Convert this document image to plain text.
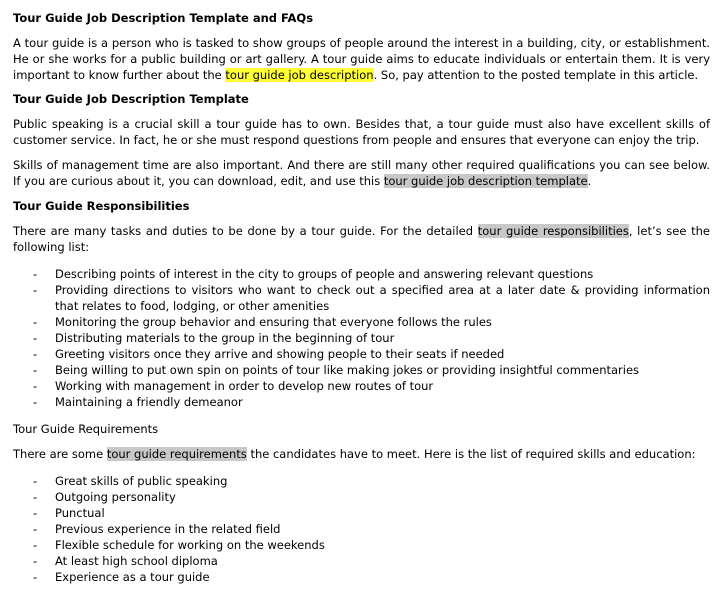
Tour Guide Job Description Template and FAQs

A tour guide is a person who is tasked to show groups of people around the interest in a building, city, or establishment. He or she works for a public building or art gallery. A tour guide aims to educate individuals or entertain them. It is very important to know further about the tour guide job description. So, pay attention to the posted template in this article.

Tour Guide Job Description Template

Public speaking is a crucial skill a tour guide has to own. Besides that, a tour guide must also have excellent skills of customer service. In fact, he or she must respond questions from people and ensures that everyone can enjoy the trip.

Skills of management time are also important. And there are still many other required qualifications you can see below. If you are curious about it, you can download, edit, and use this tour guide job description template.

Tour Guide Responsibilities

There are many tasks and duties to be done by a tour guide. For the detailed tour guide responsibilities, let’s see the following list:

- Describing points of interest in the city to groups of people and answering relevant questions
- Providing directions to visitors who want to check out a specified area at a later date & providing information that relates to food, lodging, or other amenities
- Monitoring the group behavior and ensuring that everyone follows the rules
- Distributing materials to the group in the beginning of tour
- Greeting visitors once they arrive and showing people to their seats if needed
- Being willing to put own spin on points of tour like making jokes or providing insightful commentaries
- Working with management in order to develop new routes of tour
- Maintaining a friendly demeanor
Tour Guide Requirements

There are some tour guide requirements the candidates have to meet. Here is the list of required skills and education:

- Great skills of public speaking
- Outgoing personality
- Punctual
- Previous experience in the related field
- Flexible schedule for working on the weekends
- At least high school diploma
- Experience as a tour guide
